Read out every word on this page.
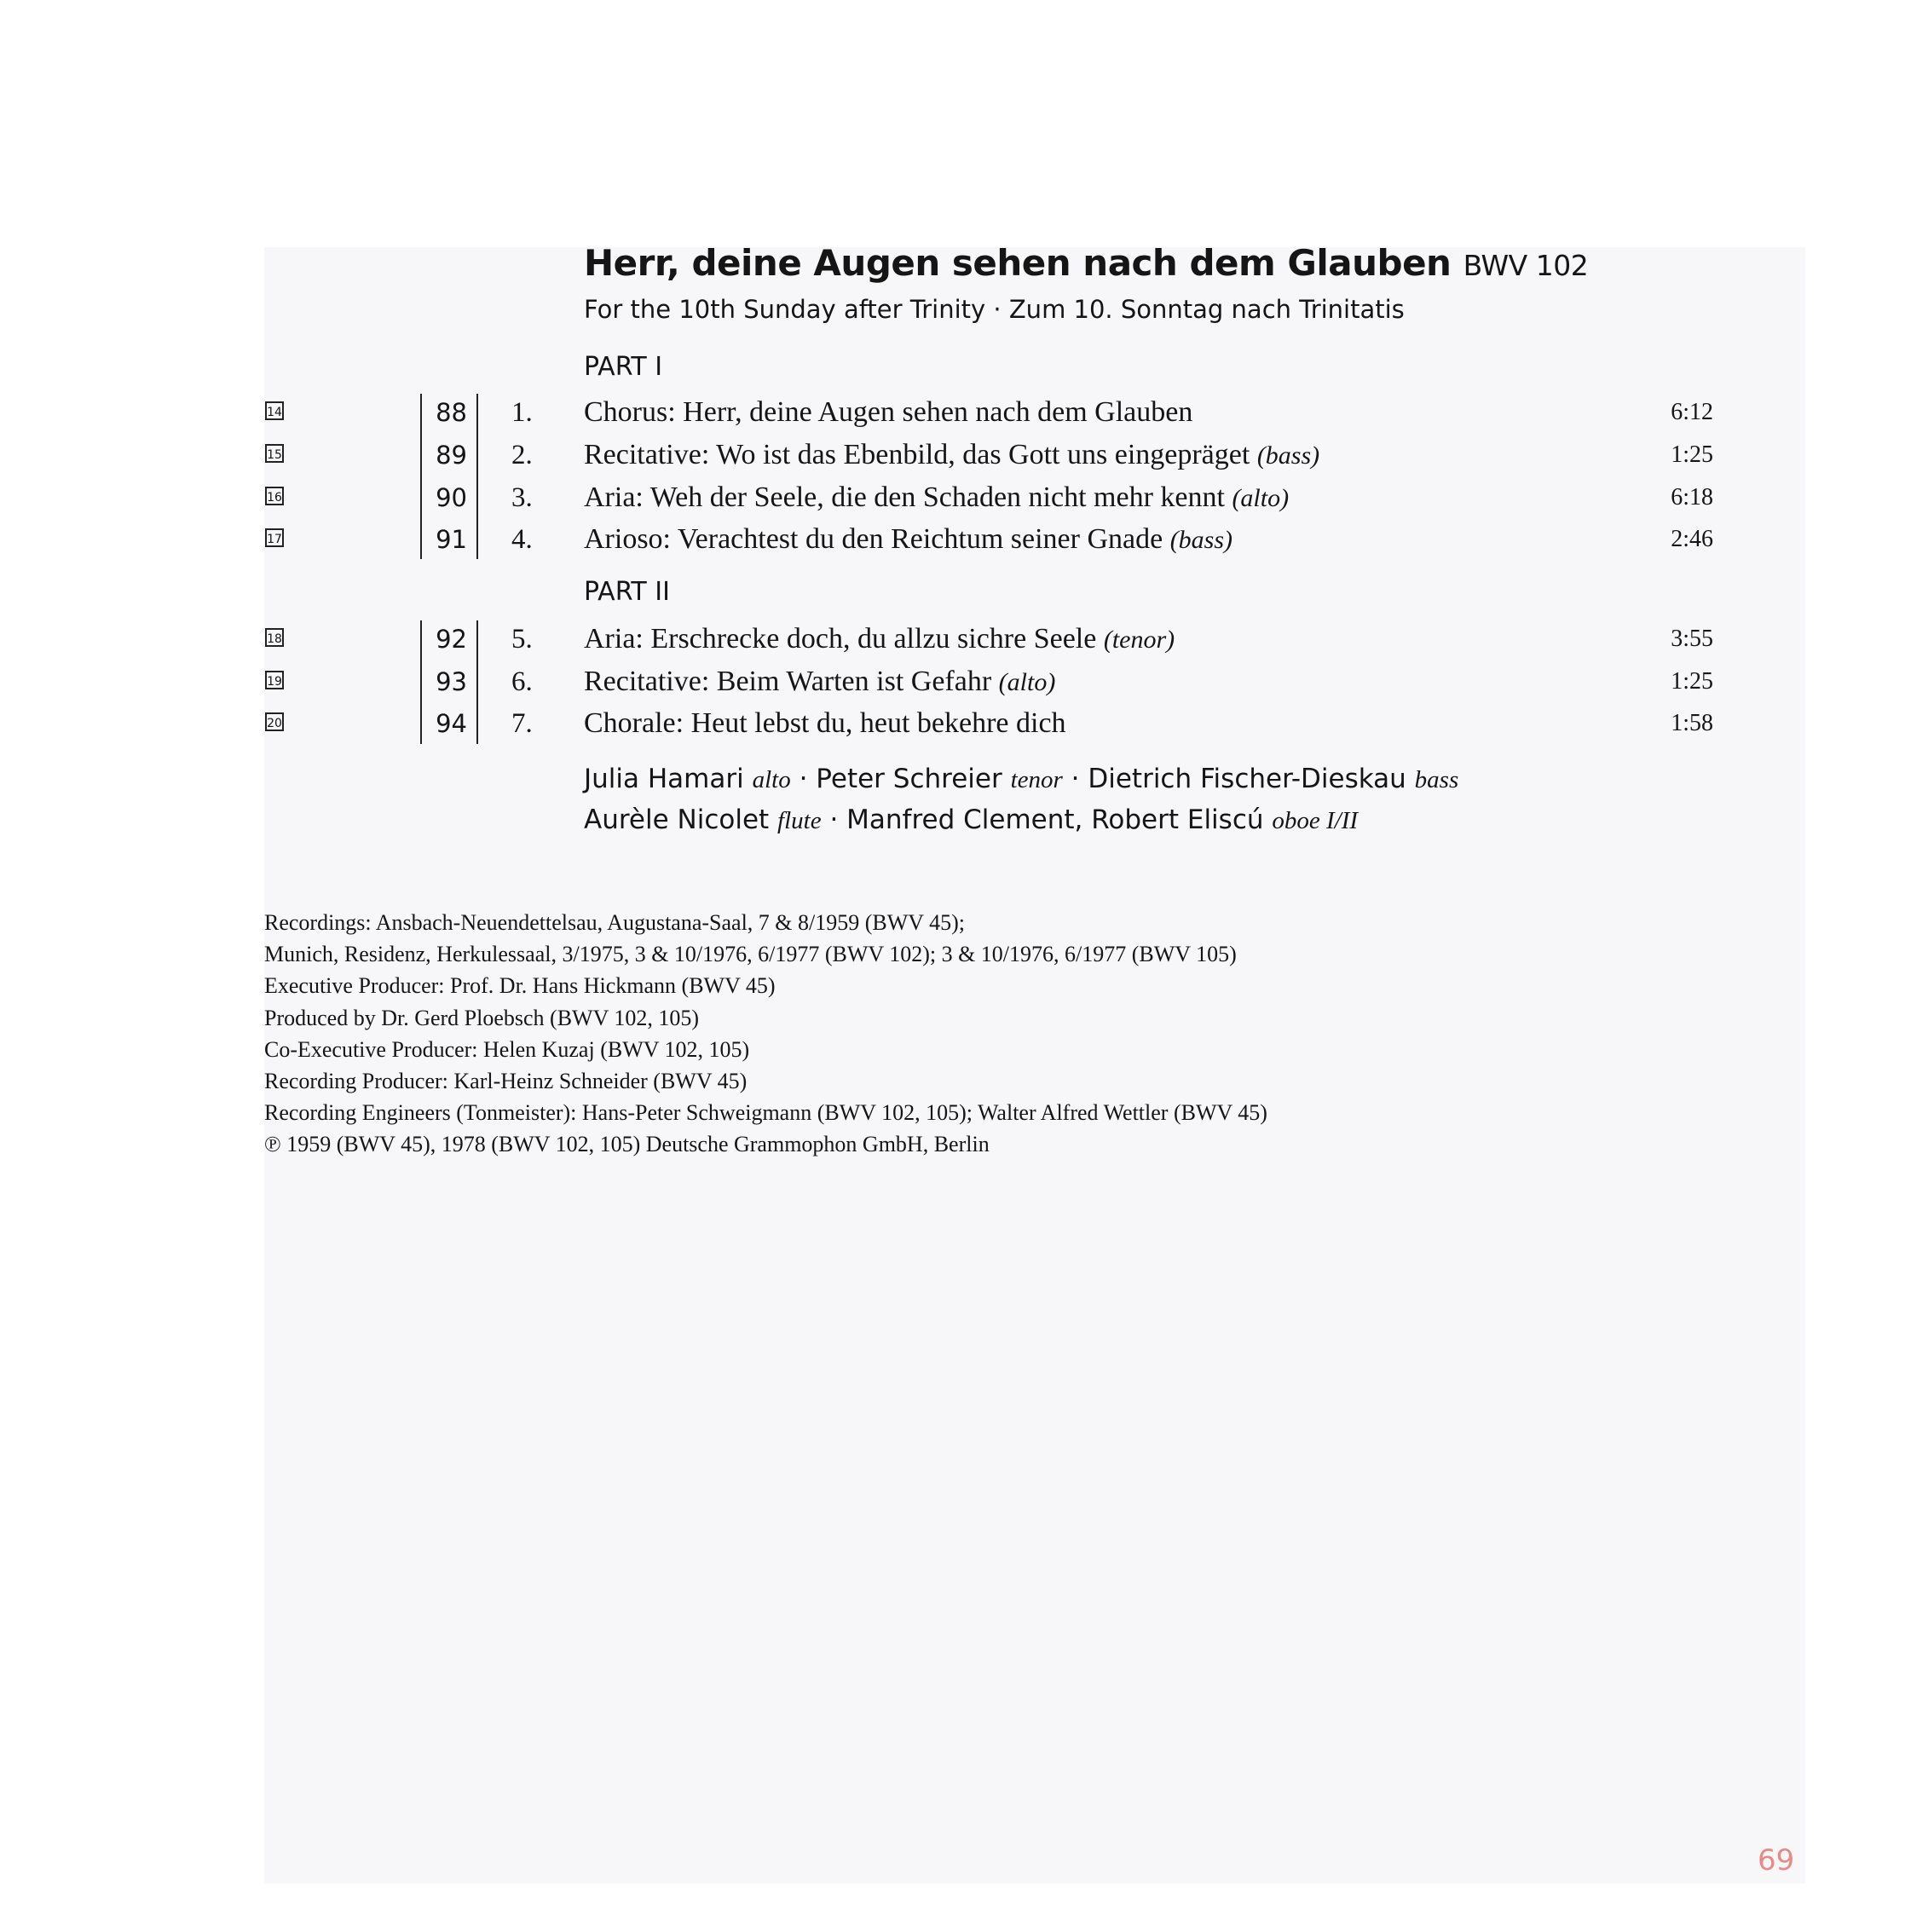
Herr, deine Augen sehen nach dem Glauben BWV 102
For the 10th Sunday after Trinity · Zum 10. Sonntag nach Trinitatis
PART I
14	88 1. Chorus: Herr, deine Augen sehen nach dem Glauben	6:12
15	89 2. Recitative: Wo ist das Ebenbild, das Gott uns eingepräget (bass)	1:25
16	90 3. Aria: Weh der Seele, die den Schaden nicht mehr kennt (alto)	6:18
17	91 4. Arioso: Verachtest du den Reichtum seiner Gnade (bass)	2:46
PART II
18	92 5. Aria: Erschrecke doch, du allzu sichre Seele (tenor)	3:55
19	93 6. Recitative: Beim Warten ist Gefahr (alto)	1:25
20	94 7. Chorale: Heut lebst du, heut bekehre dich	1:58
Julia Hamari alto · Peter Schreier tenor · Dietrich Fischer-Dieskau bass
Aurèle Nicolet flute · Manfred Clement, Robert Eliscú oboe I/II
Recordings: Ansbach-Neuendettelsau, Augustana-Saal, 7 & 8/1959 (BWV 45);
Munich, Residenz, Herkulessaal, 3/1975, 3 & 10/1976, 6/1977 (BWV 102); 3 & 10/1976, 6/1977 (BWV 105)
Executive Producer: Prof. Dr. Hans Hickmann (BWV 45)
Produced by Dr. Gerd Ploebsch (BWV 102, 105)
Co-Executive Producer: Helen Kuzaj (BWV 102, 105)
Recording Producer: Karl-Heinz Schneider (BWV 45)
Recording Engineers (Tonmeister): Hans-Peter Schweigmann (BWV 102, 105); Walter Alfred Wettler (BWV 45)
℗ 1959 (BWV 45), 1978 (BWV 102, 105) Deutsche Grammophon GmbH, Berlin
69
